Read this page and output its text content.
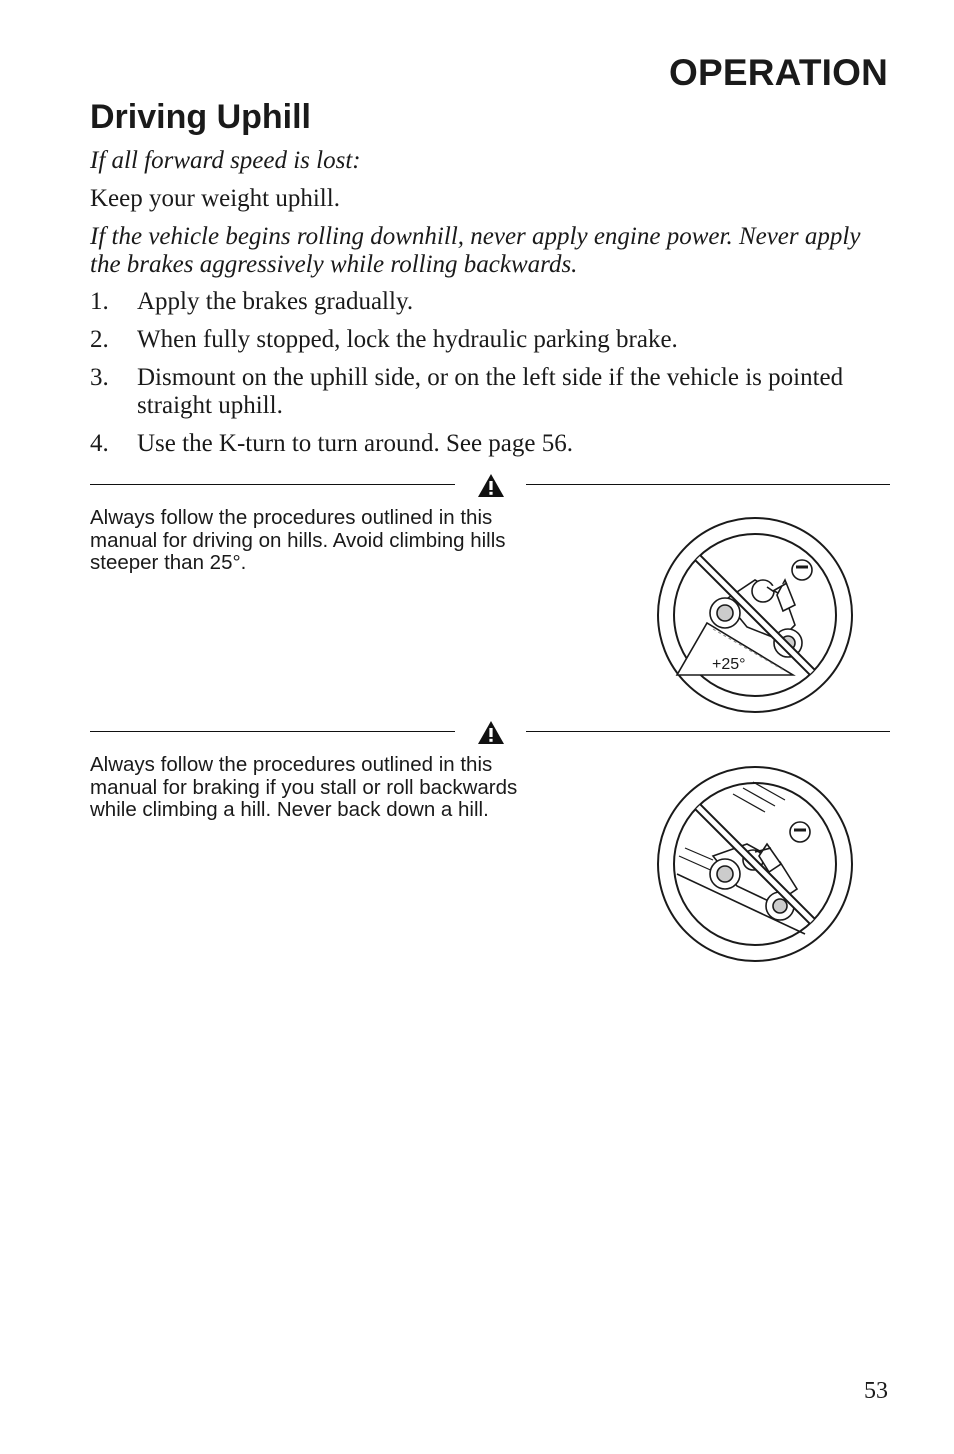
OPERATION
Driving Uphill

If all forward speed is lost:

Keep your weight uphill.

If the vehicle begins rolling downhill, never apply engine power. Never apply the brakes aggressively while rolling backwards.

1. Apply the brakes gradually.
2. When fully stopped, lock the hydraulic parking brake.
3. Dismount on the uphill side, or on the left side if the vehicle is pointed straight uphill.
4. Use the K-turn to turn around. See page 56.

Always follow the procedures outlined in this manual for driving on hills. Avoid climbing hills steeper than 25°.

+25°

Always follow the procedures outlined in this manual for braking if you stall or roll backwards while climbing a hill. Never back down a hill.

53
